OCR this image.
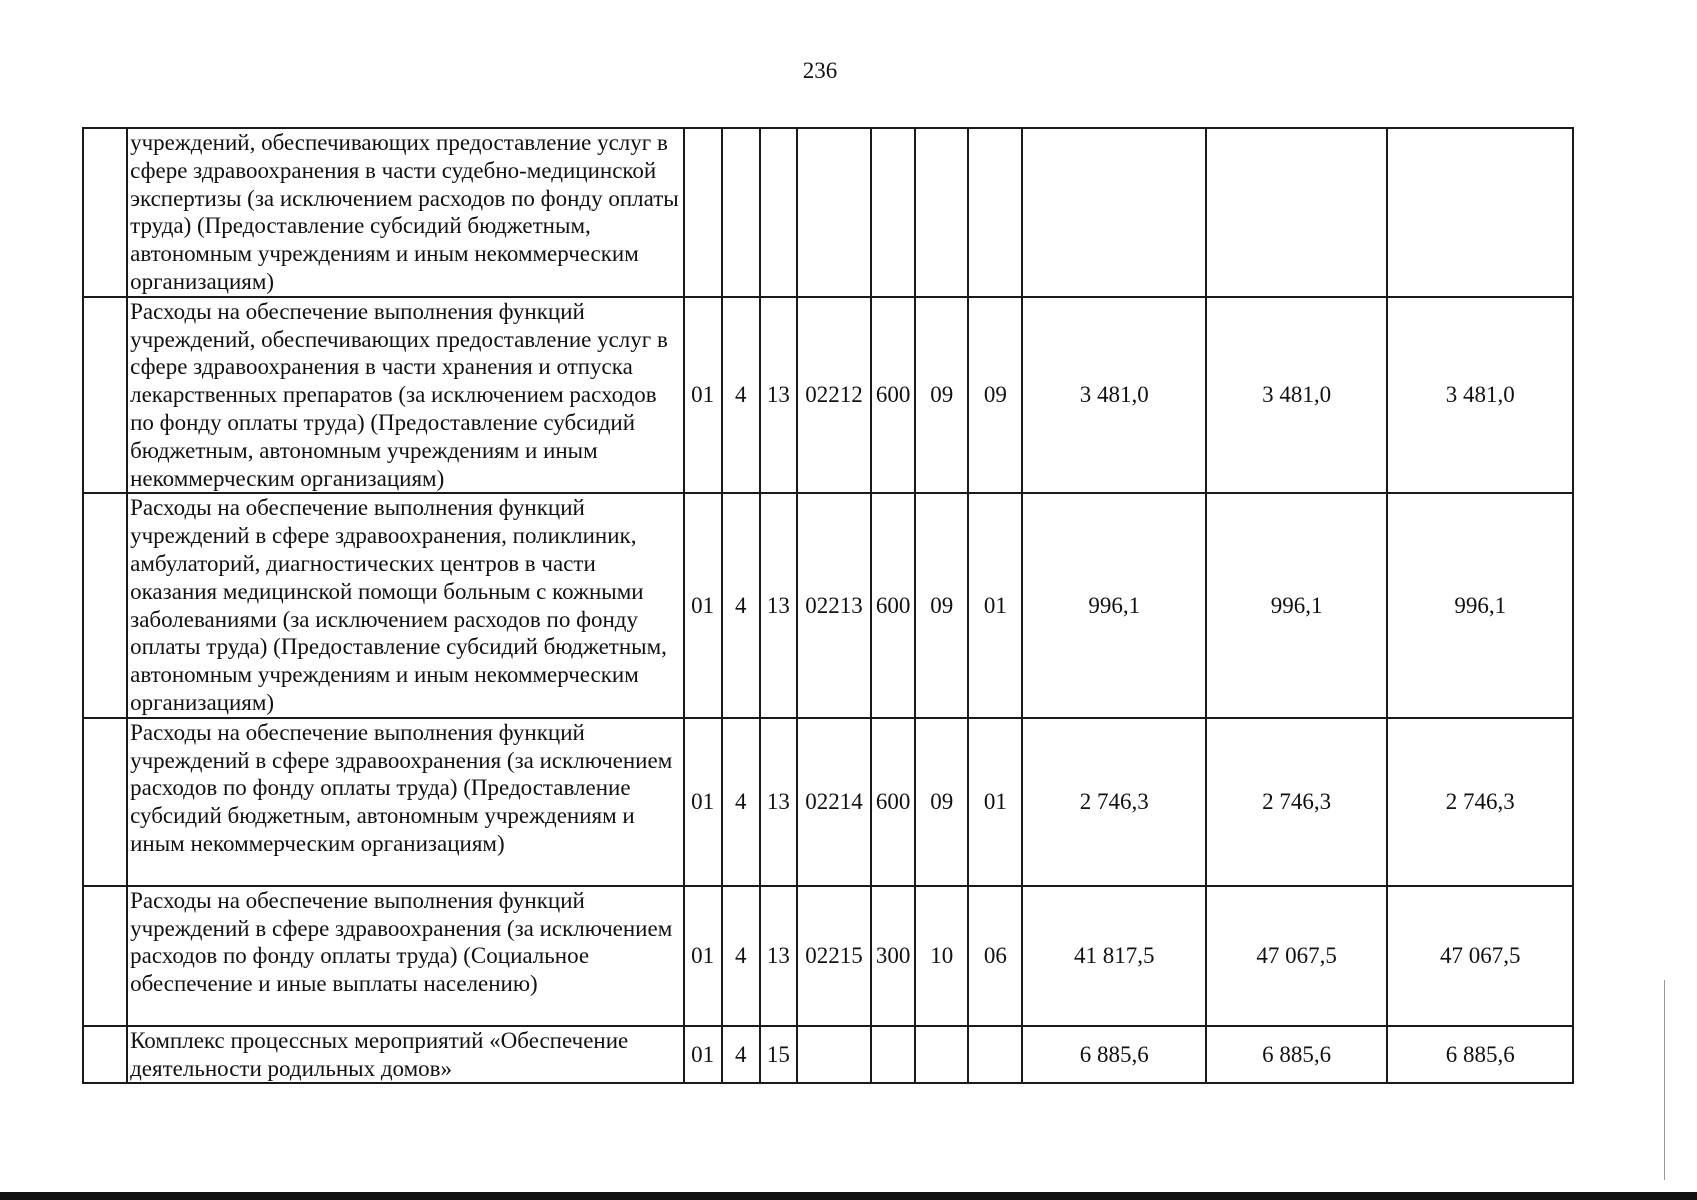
236
	учреждений, обеспечивающих предоставление услуг в сфере здравоохранения в части судебно-медицинской экспертизы (за исключением расходов по фонду оплаты труда) (Предоставление субсидий бюджетным, автономным учреждениям и иным некоммерческим организациям)										
	Расходы на обеспечение выполнения функций учреждений, обеспечивающих предоставление услуг в сфере здравоохранения в части хранения и отпуска лекарственных препаратов (за исключением расходов по фонду оплаты труда) (Предоставление субсидий бюджетным, автономным учреждениям и иным некоммерческим организациям)	01	4	13	02212	600	09	09	3 481,0	3 481,0	3 481,0
	Расходы на обеспечение выполнения функций учреждений в сфере здравоохранения, поликлиник, амбулаторий, диагностических центров в части оказания медицинской помощи больным с кожными заболеваниями (за исключением расходов по фонду оплаты труда) (Предоставление субсидий бюджетным, автономным учреждениям и иным некоммерческим организациям)	01	4	13	02213	600	09	01	996,1	996,1	996,1
	Расходы на обеспечение выполнения функций учреждений в сфере здравоохранения (за исключением расходов по фонду оплаты труда) (Предоставление субсидий бюджетным, автономным учреждениям и иным некоммерческим организациям)	01	4	13	02214	600	09	01	2 746,3	2 746,3	2 746,3
	Расходы на обеспечение выполнения функций учреждений в сфере здравоохранения (за исключением расходов по фонду оплаты труда) (Социальное обеспечение и иные выплаты населению)	01	4	13	02215	300	10	06	41 817,5	47 067,5	47 067,5
	Комплекс процессных мероприятий «Обеспечение деятельности родильных домов»	01	4	15					6 885,6	6 885,6	6 885,6
